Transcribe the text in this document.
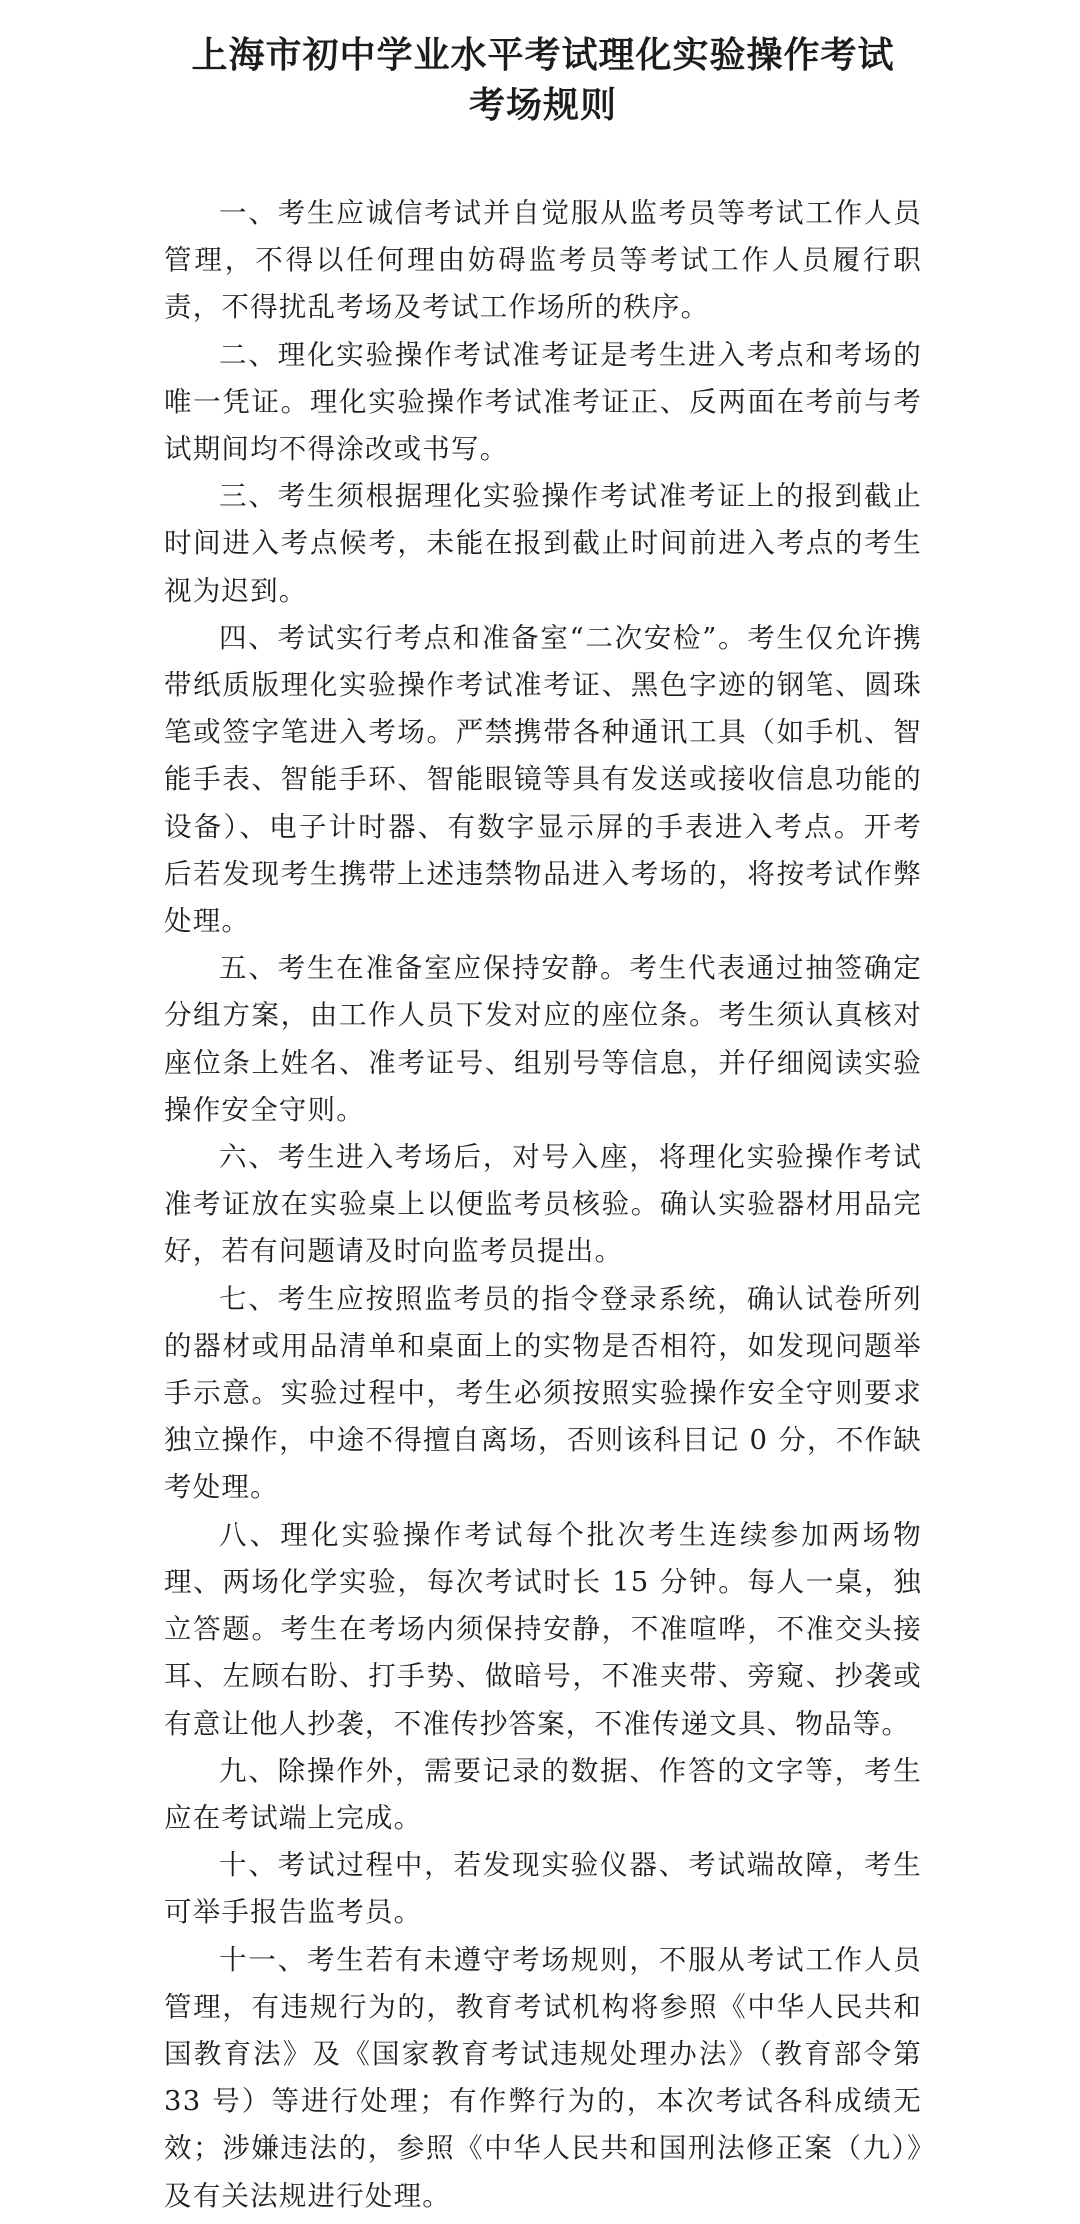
上海市初中学业水平考试理化实验操作考试
考场规则

一、考生应诚信考试并自觉服从监考员等考试工作人员管理，不得以任何理由妨碍监考员等考试工作人员履行职责，不得扰乱考场及考试工作场所的秩序。

二、理化实验操作考试准考证是考生进入考点和考场的唯一凭证。理化实验操作考试准考证正、反两面在考前与考试期间均不得涂改或书写。

三、考生须根据理化实验操作考试准考证上的报到截止时间进入考点候考，未能在报到截止时间前进入考点的考生视为迟到。

四、考试实行考点和准备室“二次安检”。考生仅允许携带纸质版理化实验操作考试准考证、黑色字迹的钢笔、圆珠笔或签字笔进入考场。严禁携带各种通讯工具（如手机、智能手表、智能手环、智能眼镜等具有发送或接收信息功能的设备）、电子计时器、有数字显示屏的手表进入考点。开考后若发现考生携带上述违禁物品进入考场的，将按考试作弊处理。

五、考生在准备室应保持安静。考生代表通过抽签确定分组方案，由工作人员下发对应的座位条。考生须认真核对座位条上姓名、准考证号、组别号等信息，并仔细阅读实验操作安全守则。

六、考生进入考场后，对号入座，将理化实验操作考试准考证放在实验桌上以便监考员核验。确认实验器材用品完好，若有问题请及时向监考员提出。

七、考生应按照监考员的指令登录系统，确认试卷所列的器材或用品清单和桌面上的实物是否相符，如发现问题举手示意。实验过程中，考生必须按照实验操作安全守则要求独立操作，中途不得擅自离场，否则该科目记 0 分，不作缺考处理。

八、理化实验操作考试每个批次考生连续参加两场物理、两场化学实验，每次考试时长 15 分钟。每人一桌，独立答题。考生在考场内须保持安静，不准喧哗，不准交头接耳、左顾右盼、打手势、做暗号，不准夹带、旁窥、抄袭或有意让他人抄袭，不准传抄答案，不准传递文具、物品等。

九、除操作外，需要记录的数据、作答的文字等，考生应在考试端上完成。

十、考试过程中，若发现实验仪器、考试端故障，考生可举手报告监考员。

十一、考生若有未遵守考场规则，不服从考试工作人员管理，有违规行为的，教育考试机构将参照《中华人民共和国教育法》及《国家教育考试违规处理办法》（教育部令第 33 号）等进行处理；有作弊行为的，本次考试各科成绩无效；涉嫌违法的，参照《中华人民共和国刑法修正案（九）》及有关法规进行处理。
